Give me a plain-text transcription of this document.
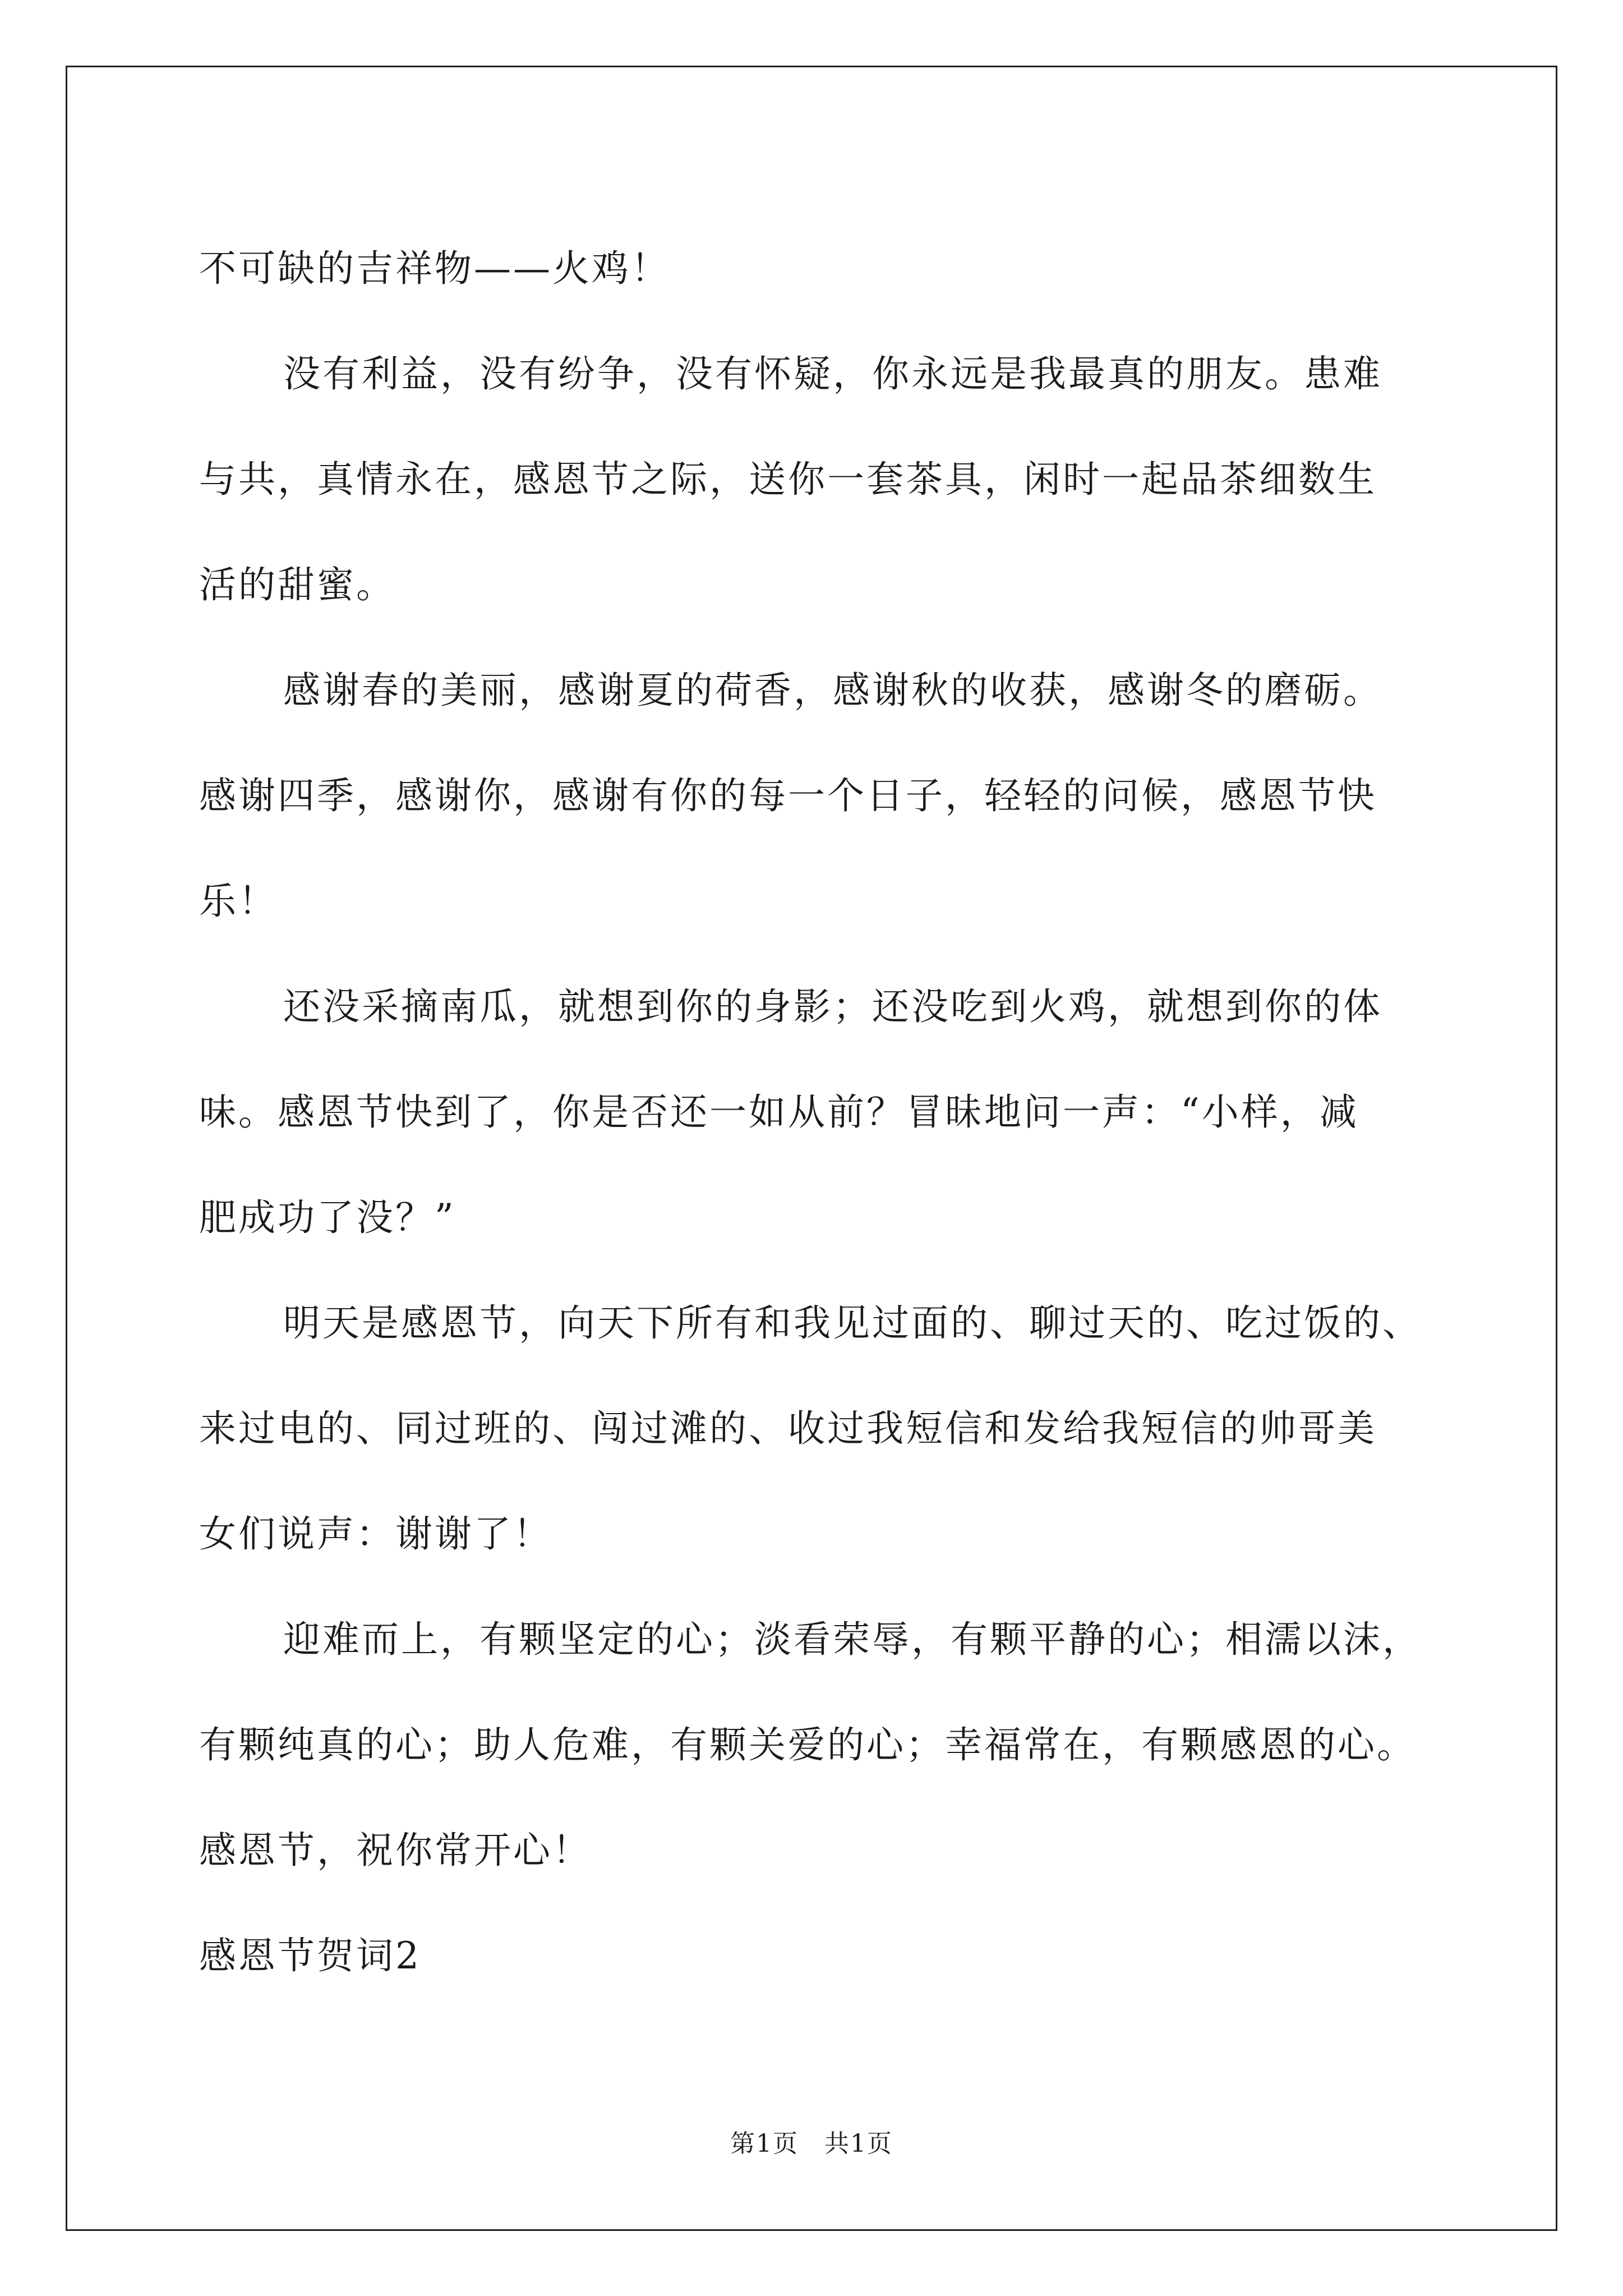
不可缺的吉祥物——火鸡！

没有利益，没有纷争，没有怀疑，你永远是我最真的朋友。患难
与共，真情永在，感恩节之际，送你一套茶具，闲时一起品茶细数生
活的甜蜜。

感谢春的美丽，感谢夏的荷香，感谢秋的收获，感谢冬的磨砺。
感谢四季，感谢你，感谢有你的每一个日子，轻轻的问候，感恩节快
乐！

还没采摘南瓜，就想到你的身影；还没吃到火鸡，就想到你的体
味。感恩节快到了，你是否还一如从前？冒昧地问一声：“小样，减
肥成功了没？”

明天是感恩节，向天下所有和我见过面的、聊过天的、吃过饭的、
来过电的、同过班的、闯过滩的、收过我短信和发给我短信的帅哥美
女们说声：谢谢了！

迎难而上，有颗坚定的心；淡看荣辱，有颗平静的心；相濡以沫，
有颗纯真的心；助人危难，有颗关爱的心；幸福常在，有颗感恩的心。
感恩节，祝你常开心！

感恩节贺词2

第1页　共1页
